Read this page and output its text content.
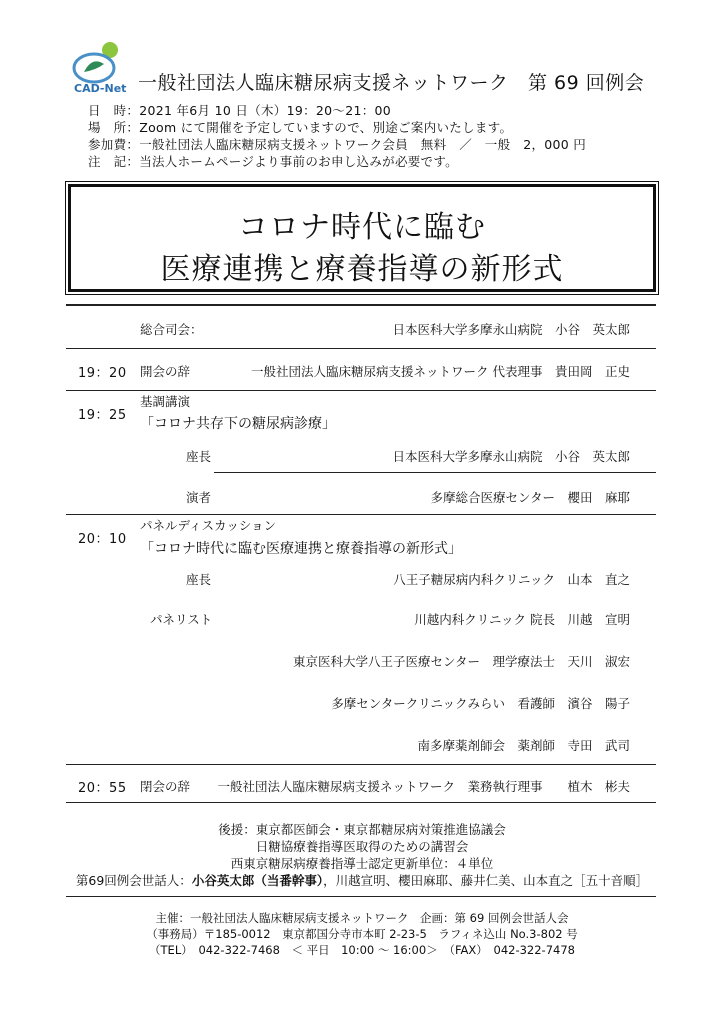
CAD-Net 一般社団法人臨床糖尿病支援ネットワーク　第 69 回例会
日　時：2021 年6月 10 日（木）19：20～21：00
場　所：Zoom にて開催を予定していますので、別途ご案内いたします。
参加費：一般社団法人臨床糖尿病支援ネットワーク会員　無料　／　一般　2，000 円
注　記：当法人ホームページより事前のお申し込みが必要です。
コロナ時代に臨む
医療連携と療養指導の新形式
総合司会：	日本医科大学多摩永山病院　小谷　英太郎
19：20 開会の辞	一般社団法人臨床糖尿病支援ネットワーク 代表理事　貴田岡　正史
基調講演
19：25
「コロナ共存下の糖尿病診療」
座長	日本医科大学多摩永山病院　小谷　英太郎
演者	多摩総合医療センター　櫻田　麻耶
パネルディスカッション
20：10
「コロナ時代に臨む医療連携と療養指導の新形式」
座長	八王子糖尿病内科クリニック　山本　直之
パネリスト	川越内科クリニック 院長　川越　宣明
東京医科大学八王子医療センター　理学療法士　天川　淑宏
多摩センタークリニックみらい　看護師　濱谷　陽子
南多摩薬剤師会　薬剤師　寺田　武司
20：55 閉会の辞 一般社団法人臨床糖尿病支援ネットワーク　業務執行理事　　植木　彬夫
後援：東京都医師会・東京都糖尿病対策推進協議会
日糖協療養指導医取得のための講習会
西東京糖尿病療養指導士認定更新単位：４単位
第69回例会世話人：小谷英太郎（当番幹事），川越宣明、櫻田麻耶、藤井仁美、山本直之［五十音順］
主催：一般社団法人臨床糖尿病支援ネットワーク　企画：第 69 回例会世話人会
（事務局）〒185-0012　東京都国分寺市本町 2-23-5　ラフィネ込山 No.3-802 号
（TEL）　042-322-7468　＜ 平日　10:00 ～ 16:00＞　（FAX）　042-322-7478
